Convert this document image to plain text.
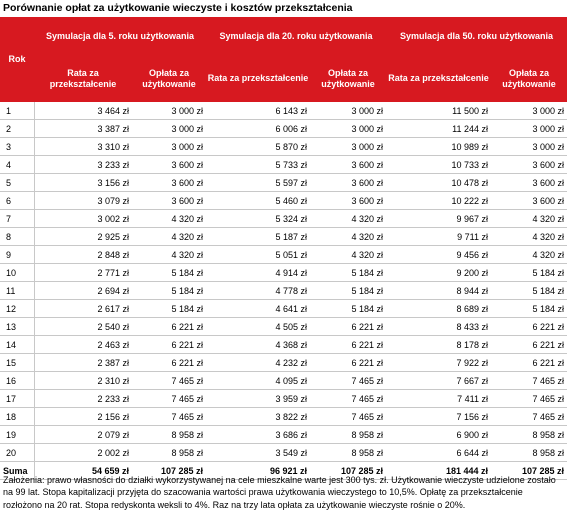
Porównanie opłat za użytkowanie wieczyste i kosztów przekształcenia
Rok	Symulacja dla 5. roku użytkowania		Symulacja dla 20. roku użytkowania		Symulacja dla 50. roku użytkowania	
	Rata za przekształcenie	Opłata za użytkowanie	Rata za przekształcenie	Opłata za użytkowanie	Rata za przekształcenie	Opłata za użytkowanie
1	3 464 zł	3 000 zł	6 143 zł	3 000 zł	11 500 zł	3 000 zł
2	3 387 zł	3 000 zł	6 006 zł	3 000 zł	11 244 zł	3 000 zł
3	3 310 zł	3 000 zł	5 870 zł	3 000 zł	10 989 zł	3 000 zł
4	3 233 zł	3 600 zł	5 733 zł	3 600 zł	10 733 zł	3 600 zł
5	3 156 zł	3 600 zł	5 597 zł	3 600 zł	10 478 zł	3 600 zł
6	3 079 zł	3 600 zł	5 460 zł	3 600 zł	10 222 zł	3 600 zł
7	3 002 zł	4 320 zł	5 324 zł	4 320 zł	9 967 zł	4 320 zł
8	2 925 zł	4 320 zł	5 187 zł	4 320 zł	9 711 zł	4 320 zł
9	2 848 zł	4 320 zł	5 051 zł	4 320 zł	9 456 zł	4 320 zł
10	2 771 zł	5 184 zł	4 914 zł	5 184 zł	9 200 zł	5 184 zł
11	2 694 zł	5 184 zł	4 778 zł	5 184 zł	8 944 zł	5 184 zł
12	2 617 zł	5 184 zł	4 641 zł	5 184 zł	8 689 zł	5 184 zł
13	2 540 zł	6 221 zł	4 505 zł	6 221 zł	8 433 zł	6 221 zł
14	2 463 zł	6 221 zł	4 368 zł	6 221 zł	8 178 zł	6 221 zł
15	2 387 zł	6 221 zł	4 232 zł	6 221 zł	7 922 zł	6 221 zł
16	2 310 zł	7 465 zł	4 095 zł	7 465 zł	7 667 zł	7 465 zł
17	2 233 zł	7 465 zł	3 959 zł	7 465 zł	7 411 zł	7 465 zł
18	2 156 zł	7 465 zł	3 822 zł	7 465 zł	7 156 zł	7 465 zł
19	2 079 zł	8 958 zł	3 686 zł	8 958 zł	6 900 zł	8 958 zł
20	2 002 zł	8 958 zł	3 549 zł	8 958 zł	6 644 zł	8 958 zł
Suma	54 659 zł	107 285 zł	96 921 zł	107 285 zł	181 444 zł	107 285 zł
Założenia: prawo własności do działki wykorzystywanej na cele mieszkalne warte jest 300 tys. zł. Użytkowanie wieczyste udzielone zostało na 99 lat. Stopa kapitalizacji przyjęta do szacowania wartości prawa użytkowania wieczystego to 10,5%. Opłatę za przekształcenie rozłożono na 20 rat. Stopa redyskonta weksli to 4%. Raz na trzy lata opłata za użytkowanie wieczyste rośnie o 20%.
